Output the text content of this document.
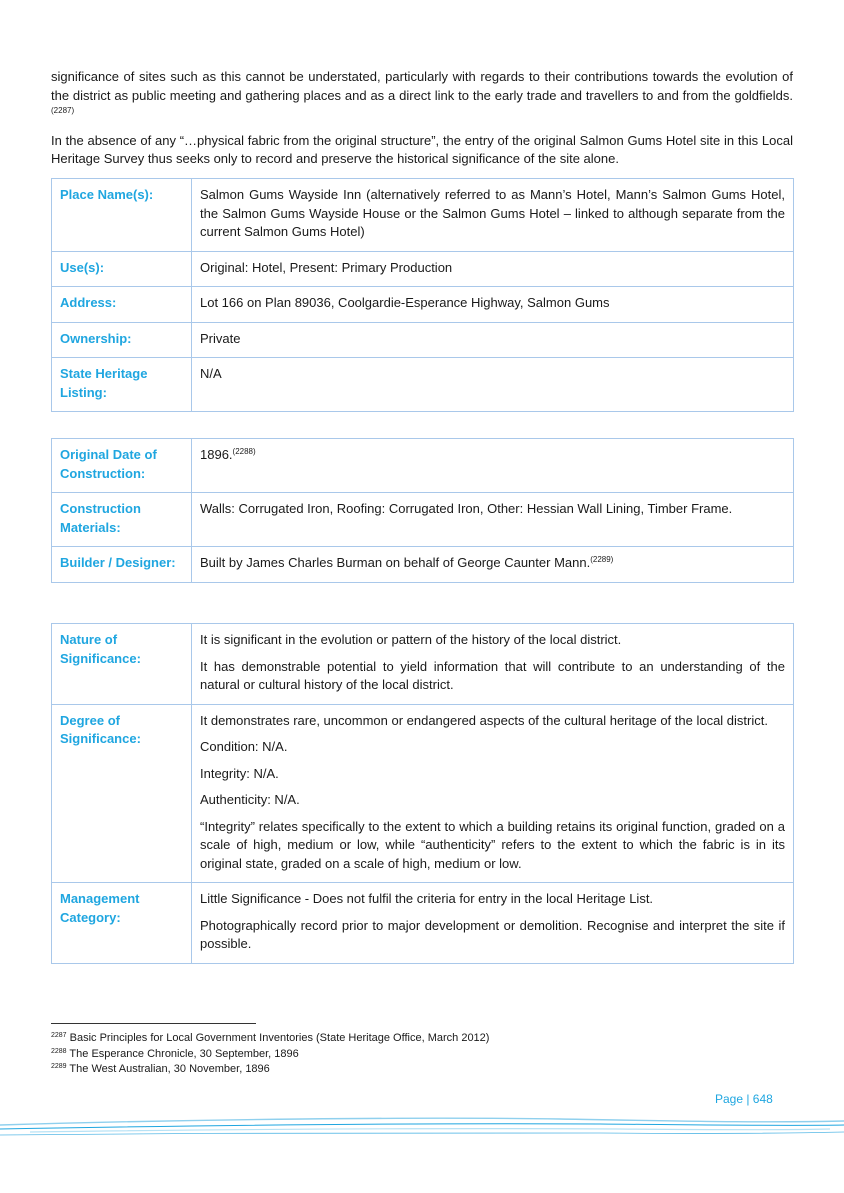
significance of sites such as this cannot be understated, particularly with regards to their contributions towards the evolution of the district as public meeting and gathering places and as a direct link to the early trade and travellers to and from the goldfields.$^{(2287)}$

In the absence of any “…physical fabric from the original structure”, the entry of the original Salmon Gums Hotel site in this Local Heritage Survey thus seeks only to record and preserve the historical significance of the site alone.

Place Name(s):	Salmon Gums Wayside Inn (alternatively referred to as Mann’s Hotel, Mann’s Salmon Gums Hotel, the Salmon Gums Wayside House or the Salmon Gums Hotel – linked to although separate from the current Salmon Gums Hotel)
Use(s):	Original: Hotel, Present: Primary Production
Address:	Lot 166 on Plan 89036, Coolgardie-Esperance Highway, Salmon Gums
Ownership:	Private
State Heritage Listing:	N/A
Original Date of Construction:	1896.$^{(2288)}$
Construction Materials:	Walls: Corrugated Iron, Roofing: Corrugated Iron, Other: Hessian Wall Lining, Timber Frame.
Builder / Designer:	Built by James Charles Burman on behalf of George Caunter Mann.$^{(2289)}$
Nature of Significance:	It is significant in the evolution or pattern of the history of the local district.

It has demonstrable potential to yield information that will contribute to an understanding of the natural or cultural history of the local district.

Degree of Significance:	It demonstrates rare, uncommon or endangered aspects of the cultural heritage of the local district.

Condition: N/A.

Integrity: N/A.

Authenticity: N/A.

“Integrity” relates specifically to the extent to which a building retains its original function, graded on a scale of high, medium or low, while “authenticity” refers to the extent to which the fabric is in its original state, graded on a scale of high, medium or low.

Management Category:	Little Significance - Does not fulfil the criteria for entry in the local Heritage List.

Photographically record prior to major development or demolition. Recognise and interpret the site if possible.

$^{2287}$ Basic Principles for Local Government Inventories (State Heritage Office, March 2012)
$^{2288}$ The Esperance Chronicle, 30 September, 1896
$^{2289}$ The West Australian, 30 November, 1896
Page | 648
